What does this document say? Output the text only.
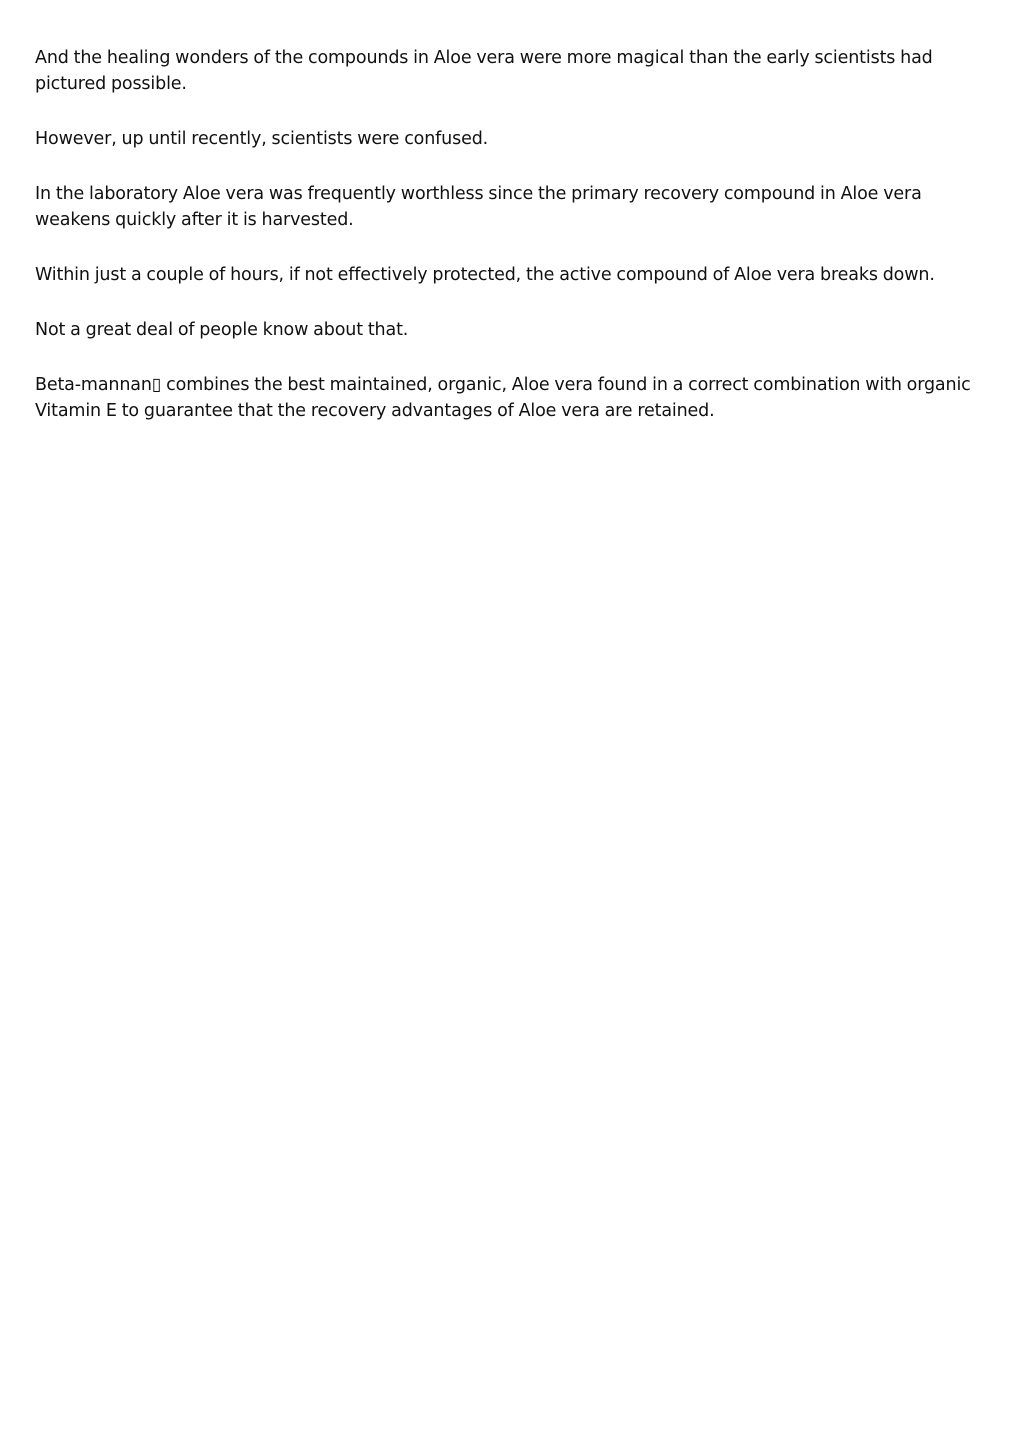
And the healing wonders of the compounds in Aloe vera were more magical than the early scientists had pictured possible.

However, up until recently, scientists were confused.

In the laboratory Aloe vera was frequently worthless since the primary recovery compound in Aloe vera weakens quickly after it is harvested.

Within just a couple of hours, if not effectively protected, the active compound of Aloe vera breaks down.

Not a great deal of people know about that.

Beta-mannan▯ combines the best maintained, organic, Aloe vera found in a correct combination with organic Vitamin E to guarantee that the recovery advantages of Aloe vera are retained.
